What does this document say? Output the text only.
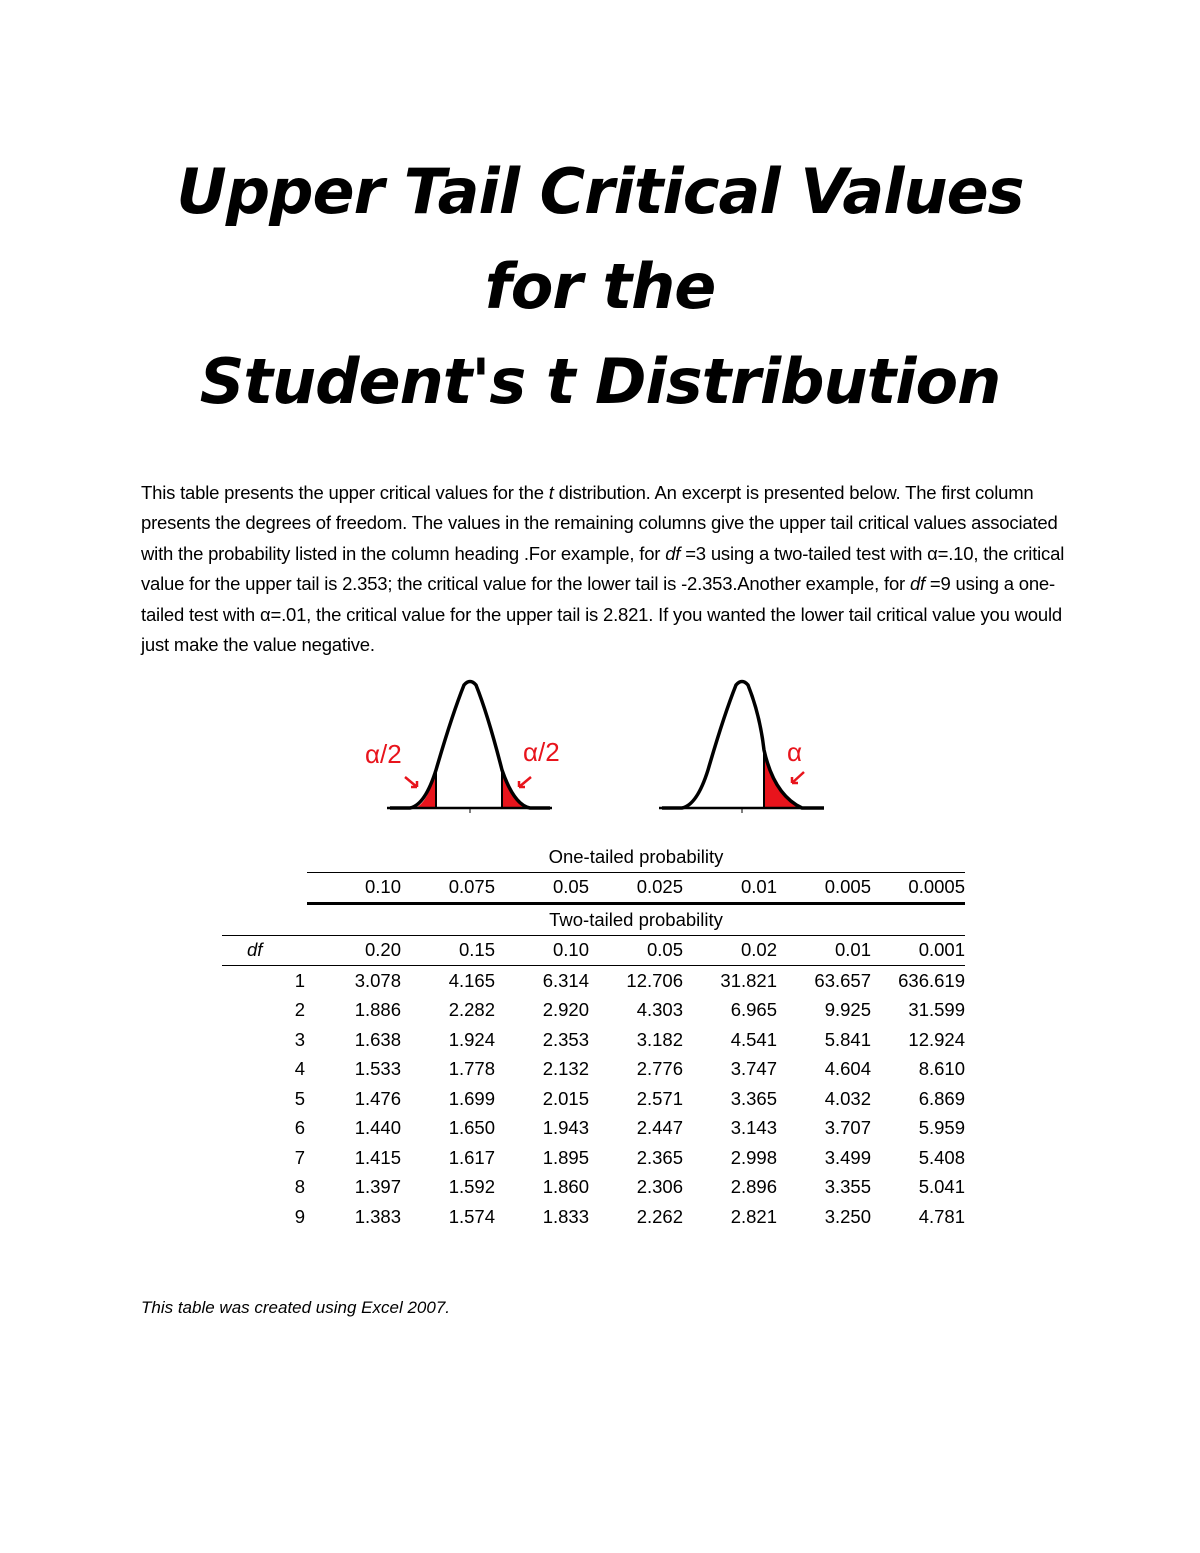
Upper Tail Critical Values
for the
Student's t Distribution
This table presents the upper critical values for the t distribution. An excerpt is presented below. The first column presents the degrees of freedom. The values in the remaining columns give the upper tail critical values associated with the probability listed in the column heading .For example, for df =3 using a two-tailed test with α=.10, the critical value for the upper tail is 2.353; the critical value for the lower tail is -2.353.Another example, for df =9 using a one-tailed test with α=.01, the critical value for the upper tail is 2.821. If you wanted the lower tail critical value you would just make the value negative.
α/2	α/2	α
	One-tailed probability						
	0.10	0.075	0.05	0.025	0.01	0.005	0.0005
	Two-tailed probability						
df	0.20	0.15	0.10	0.05	0.02	0.01	0.001
1	3.078	4.165	6.314	12.706	31.821	63.657	636.619
2	1.886	2.282	2.920	4.303	6.965	9.925	31.599
3	1.638	1.924	2.353	3.182	4.541	5.841	12.924
4	1.533	1.778	2.132	2.776	3.747	4.604	8.610
5	1.476	1.699	2.015	2.571	3.365	4.032	6.869
6	1.440	1.650	1.943	2.447	3.143	3.707	5.959
7	1.415	1.617	1.895	2.365	2.998	3.499	5.408
8	1.397	1.592	1.860	2.306	2.896	3.355	5.041
9	1.383	1.574	1.833	2.262	2.821	3.250	4.781
This table was created using Excel 2007.
